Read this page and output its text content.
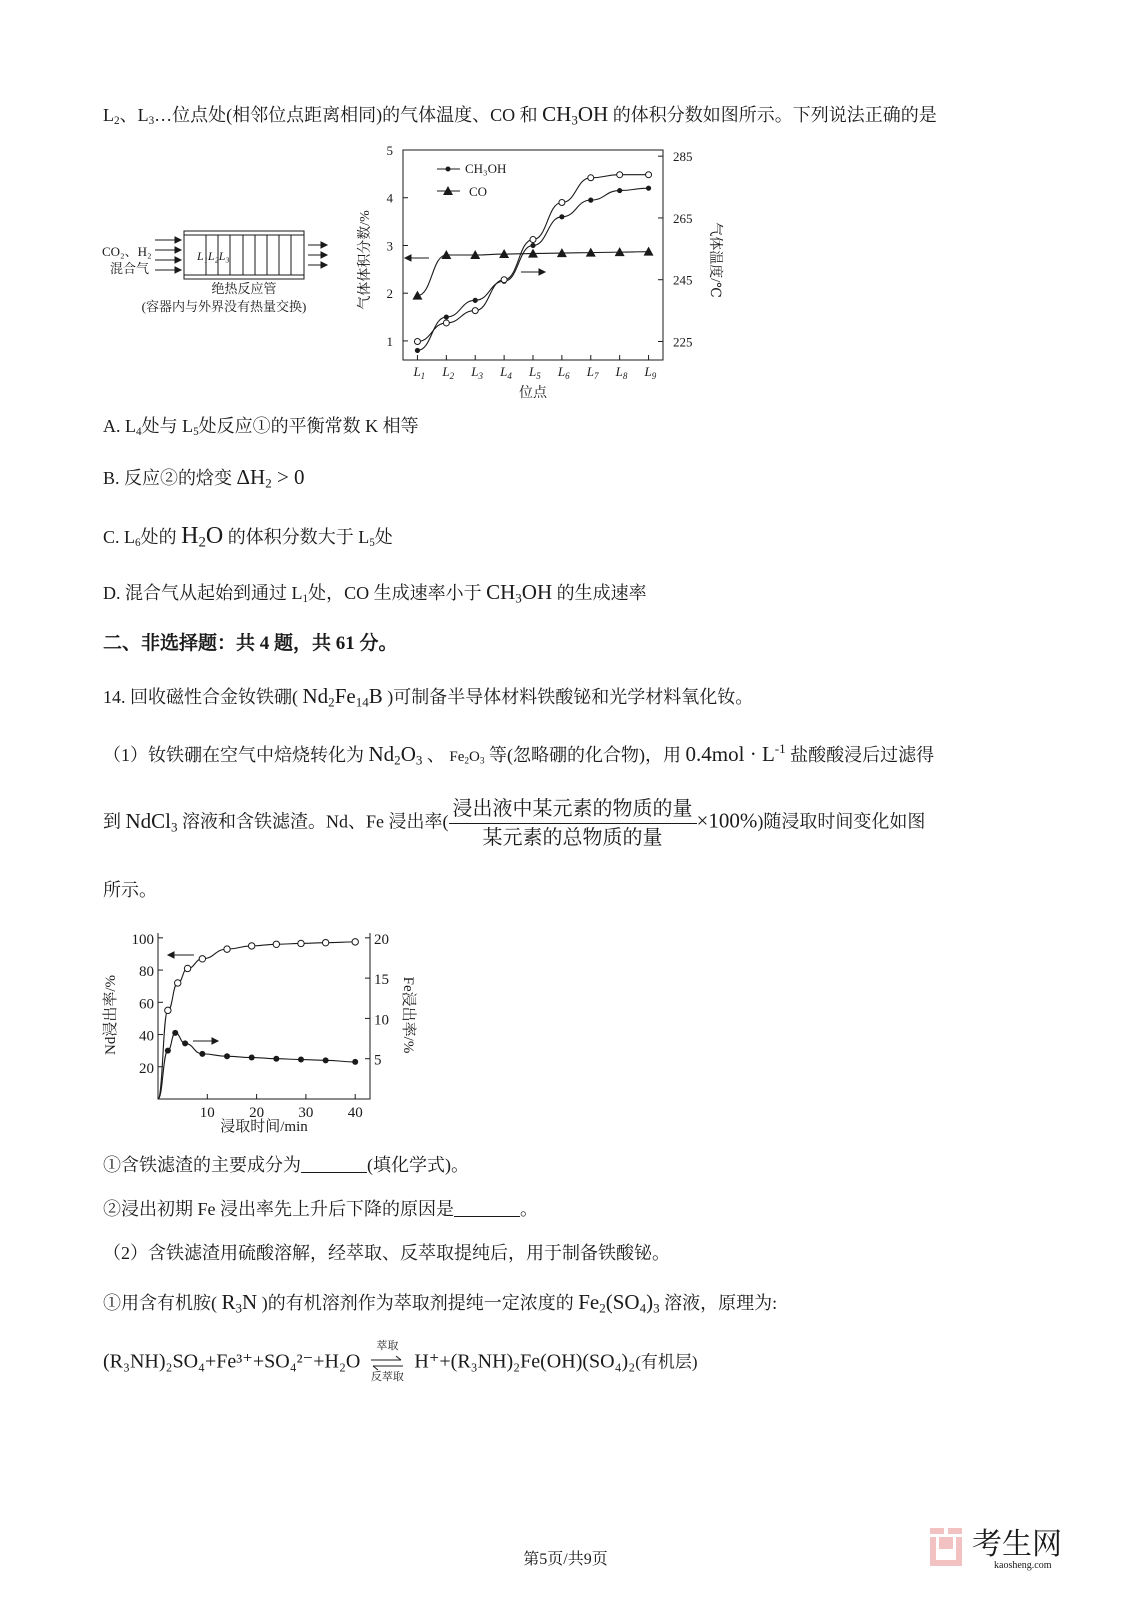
$L_2$、$L_3\dots$位点处(相邻位点距离相同)的气体温度、CO 和 $CH_3OH$ 的体积分数如图所示。下列说法正确的是
CO₂、H₂
混合气
L₁L₂L₃
绝热反应管
(容器内与外界没有热量交换)	气体体积分数/%	气体温度/℃
位点
$L_1$ $L_2$ $L_3$ $L_4$ $L_5$ $L_6$ $L_7$ $L_8$ $L_9$
1
2
3
4
5
225
245
265
285
CH₃OH
CO
A. $L_4$处与 $L_5$处反应①的平衡常数 K 相等
B. 反应②的焓变 $\Delta H_2 > 0$
C. $L_6$处的 $H_2O$ 的体积分数大于 $L_5$处
D. 混合气从起始到通过 $L_1$处，CO 生成速率小于 $CH_3OH$ 的生成速率
二、非选择题：共 4 题，共 61 分。
14. 回收磁性合金钕铁硼( $Nd_2Fe_{14}B$ )可制备半导体材料铁酸铋和光学材料氧化钕。
（1）钕铁硼在空气中焙烧转化为 $Nd_2O_3$ 、 $Fe_2O_3$ 等(忽略硼的化合物)，用 $0.4mol \cdot L^{-1}$ 盐酸酸浸后过滤得
到 NdCl$_3$ 溶液和含铁滤渣。Nd、Fe 浸出率( $\frac{\text{浸出液中某元素的物质的量}}{\text{某元素的总物质的量}} \times 100\%$)随浸取时间变化如图
所示。
Nd浸出率/%	Fe浸出率/%
浸取时间/min
10 20 30 40
20
40
60
80
100
5
10
15
20
①含铁滤渣的主要成分为	(填化学式)。
②浸出初期 Fe 浸出率先上升后下降的原因是	。
（2）含铁滤渣用硫酸溶解，经萃取、反萃取提纯后，用于制备铁酸铋。
①用含有机胺( $R_3N$ )的有机溶剂作为萃取剂提纯一定浓度的 $Fe_2(SO_4)_3$ 溶液，原理为:
(R₃NH)₂SO₄+Fe³⁺+SO₄²⁻+H₂O
萃取
反萃取
H⁺+(R₃NH)₂Fe(OH)(SO₄)₂(有机层)
第5页/共9页	考生网
kaosheng.com
